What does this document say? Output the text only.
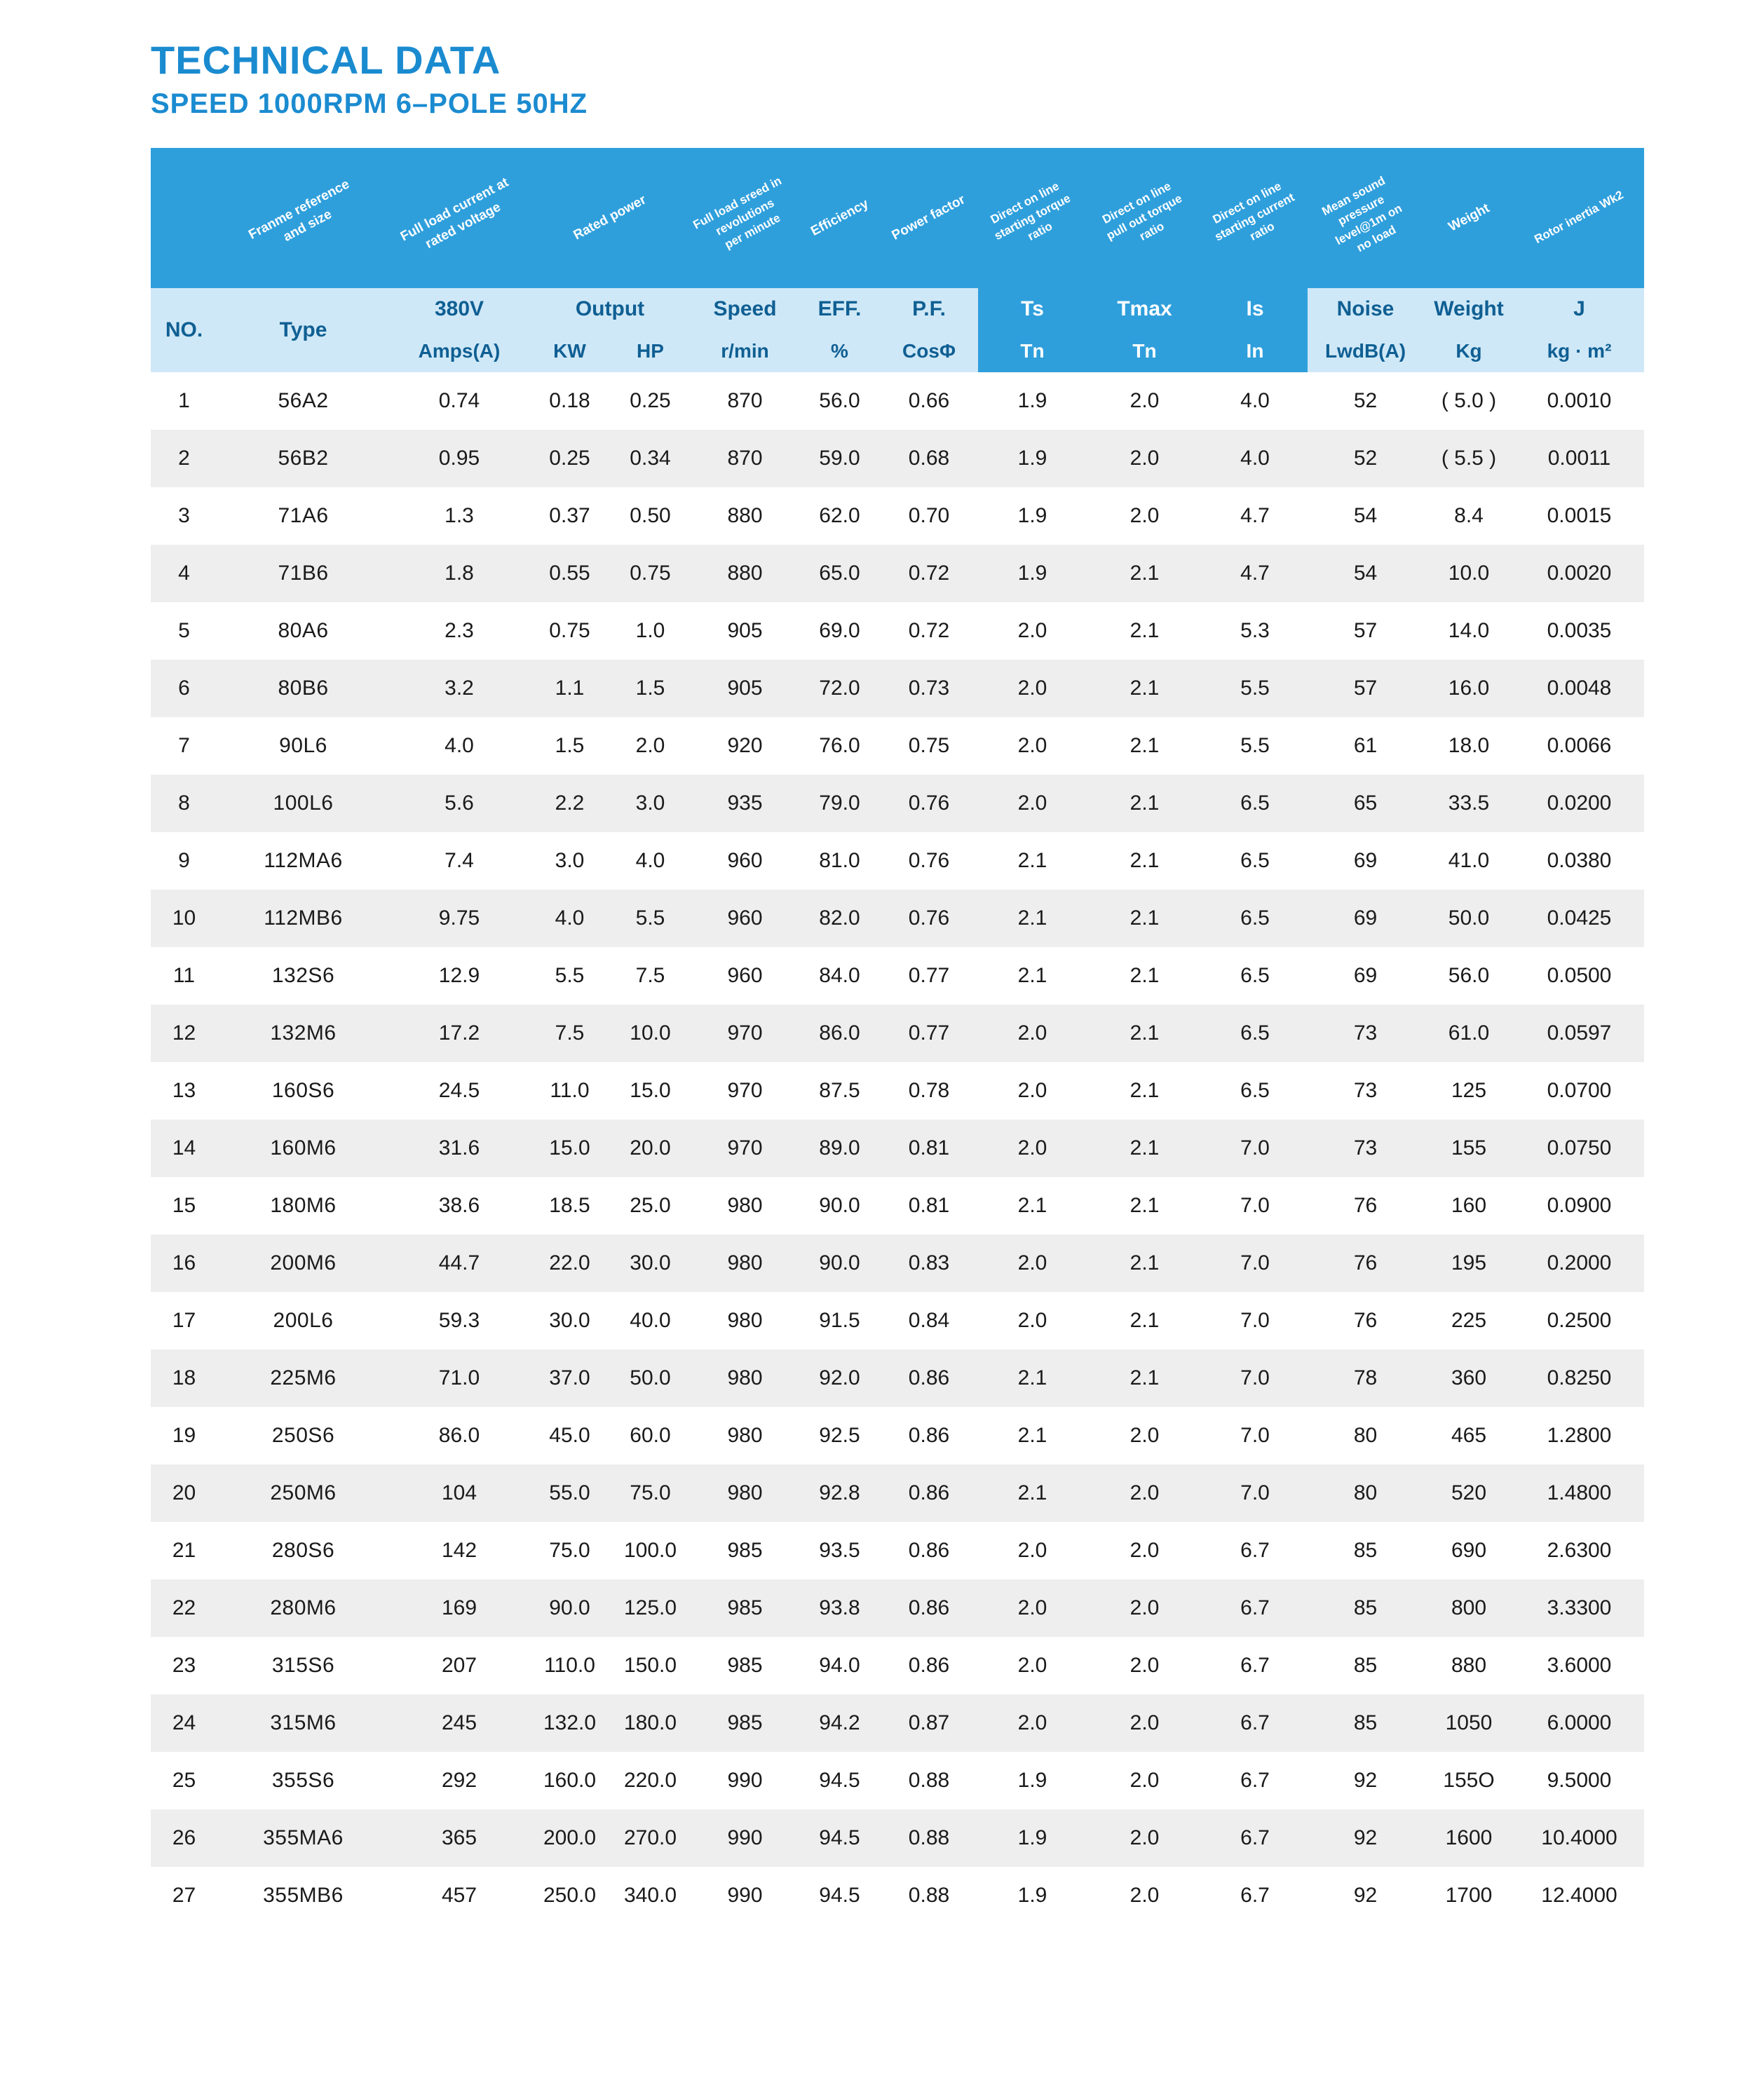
TECHNICAL DATA
SPEED 1000RPM 6–POLE 50HZ

	Franme reference
and size	Full load current at
rated voltage	Rated power		Full load sreed in
revolutions
per minute	Efficiency	Power factor	Direct on line
starting torque
ratio	Direct on line
pull out torque
ratio	Direct on line
starting current
ratio	Mean sound
pressure
level@1m on
no load	Weight	Rotor inertia Wk2

NO.	Type	380V	Output		Speed	EFF.	P.F.	Ts	Tmax	Is	Noise	Weight	J
		Amps(A)	KW	HP	r/min	%	CosΦ	Tn	Tn	In	LwdB(A)	Kg	kg · m²
1	56A2	0.74	0.18	0.25	870	56.0	0.66	1.9	2.0	4.0	52	( 5.0 )	0.0010
2	56B2	0.95	0.25	0.34	870	59.0	0.68	1.9	2.0	4.0	52	( 5.5 )	0.0011
3	71A6	1.3	0.37	0.50	880	62.0	0.70	1.9	2.0	4.7	54	8.4	0.0015
4	71B6	1.8	0.55	0.75	880	65.0	0.72	1.9	2.1	4.7	54	10.0	0.0020
5	80A6	2.3	0.75	1.0	905	69.0	0.72	2.0	2.1	5.3	57	14.0	0.0035
6	80B6	3.2	1.1	1.5	905	72.0	0.73	2.0	2.1	5.5	57	16.0	0.0048
7	90L6	4.0	1.5	2.0	920	76.0	0.75	2.0	2.1	5.5	61	18.0	0.0066
8	100L6	5.6	2.2	3.0	935	79.0	0.76	2.0	2.1	6.5	65	33.5	0.0200
9	112MA6	7.4	3.0	4.0	960	81.0	0.76	2.1	2.1	6.5	69	41.0	0.0380
10	112MB6	9.75	4.0	5.5	960	82.0	0.76	2.1	2.1	6.5	69	50.0	0.0425
11	132S6	12.9	5.5	7.5	960	84.0	0.77	2.1	2.1	6.5	69	56.0	0.0500
12	132M6	17.2	7.5	10.0	970	86.0	0.77	2.0	2.1	6.5	73	61.0	0.0597
13	160S6	24.5	11.0	15.0	970	87.5	0.78	2.0	2.1	6.5	73	125	0.0700
14	160M6	31.6	15.0	20.0	970	89.0	0.81	2.0	2.1	7.0	73	155	0.0750
15	180M6	38.6	18.5	25.0	980	90.0	0.81	2.1	2.1	7.0	76	160	0.0900
16	200M6	44.7	22.0	30.0	980	90.0	0.83	2.0	2.1	7.0	76	195	0.2000
17	200L6	59.3	30.0	40.0	980	91.5	0.84	2.0	2.1	7.0	76	225	0.2500
18	225M6	71.0	37.0	50.0	980	92.0	0.86	2.1	2.1	7.0	78	360	0.8250
19	250S6	86.0	45.0	60.0	980	92.5	0.86	2.1	2.0	7.0	80	465	1.2800
20	250M6	104	55.0	75.0	980	92.8	0.86	2.1	2.0	7.0	80	520	1.4800
21	280S6	142	75.0	100.0	985	93.5	0.86	2.0	2.0	6.7	85	690	2.6300
22	280M6	169	90.0	125.0	985	93.8	0.86	2.0	2.0	6.7	85	800	3.3300
23	315S6	207	110.0	150.0	985	94.0	0.86	2.0	2.0	6.7	85	880	3.6000
24	315M6	245	132.0	180.0	985	94.2	0.87	2.0	2.0	6.7	85	1050	6.0000
25	355S6	292	160.0	220.0	990	94.5	0.88	1.9	2.0	6.7	92	155O	9.5000
26	355MA6	365	200.0	270.0	990	94.5	0.88	1.9	2.0	6.7	92	1600	10.4000
27	355MB6	457	250.0	340.0	990	94.5	0.88	1.9	2.0	6.7	92	1700	12.4000
